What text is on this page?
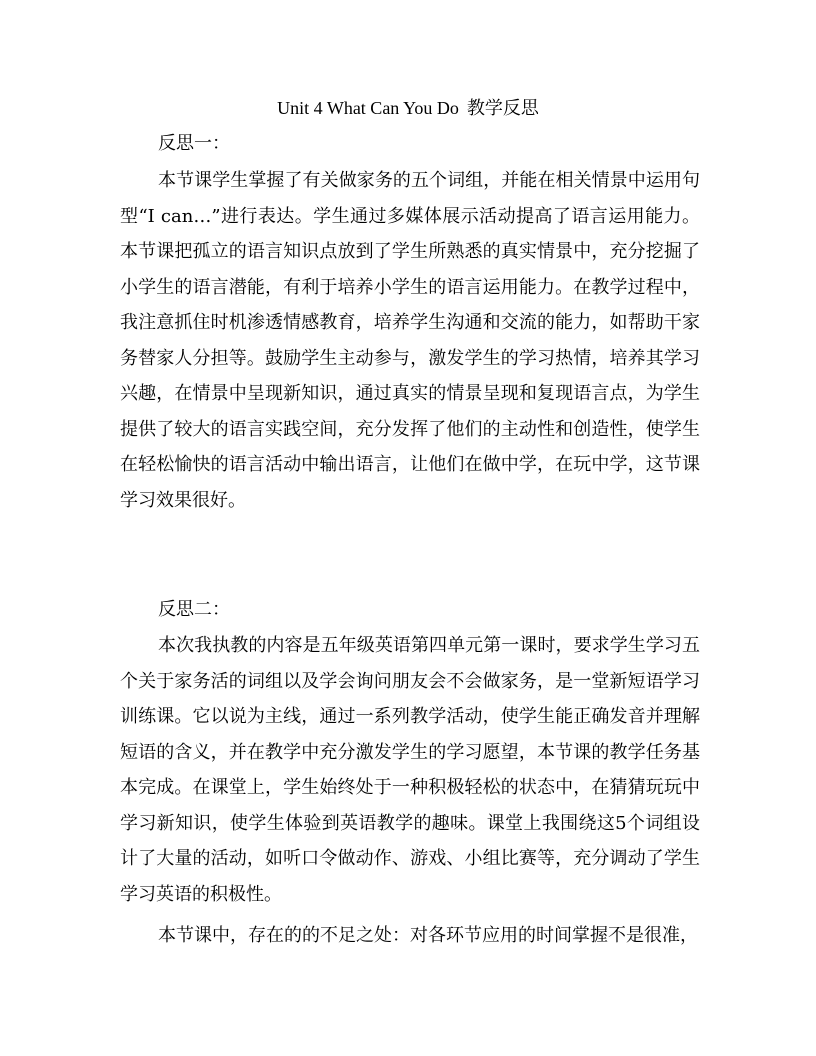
Unit 4 What Can You Do 教学反思
反思一：

本节课学生掌握了有关做家务的五个词组，并能在相关情景中运用句型“I can…”进行表达。学生通过多媒体展示活动提高了语言运用能力。本节课把孤立的语言知识点放到了学生所熟悉的真实情景中，充分挖掘了小学生的语言潜能，有利于培养小学生的语言运用能力。在教学过程中，我注意抓住时机渗透情感教育，培养学生沟通和交流的能力，如帮助干家务替家人分担等。鼓励学生主动参与，激发学生的学习热情，培养其学习兴趣，在情景中呈现新知识，通过真实的情景呈现和复现语言点，为学生提供了较大的语言实践空间，充分发挥了他们的主动性和创造性，使学生在轻松愉快的语言活动中输出语言，让他们在做中学，在玩中学，这节课学习效果很好。

反思二：

本次我执教的内容是五年级英语第四单元第一课时，要求学生学习五个关于家务活的词组以及学会询问朋友会不会做家务，是一堂新短语学习训练课。它以说为主线，通过一系列教学活动，使学生能正确发音并理解短语的含义，并在教学中充分激发学生的学习愿望，本节课的教学任务基本完成。在课堂上，学生始终处于一种积极轻松的状态中，在猜猜玩玩中学习新知识，使学生体验到英语教学的趣味。课堂上我围绕这5个词组设计了大量的活动，如听口令做动作、游戏、小组比赛等，充分调动了学生学习英语的积极性。

本节课中，存在的的不足之处：对各环节应用的时间掌握不是很准，
